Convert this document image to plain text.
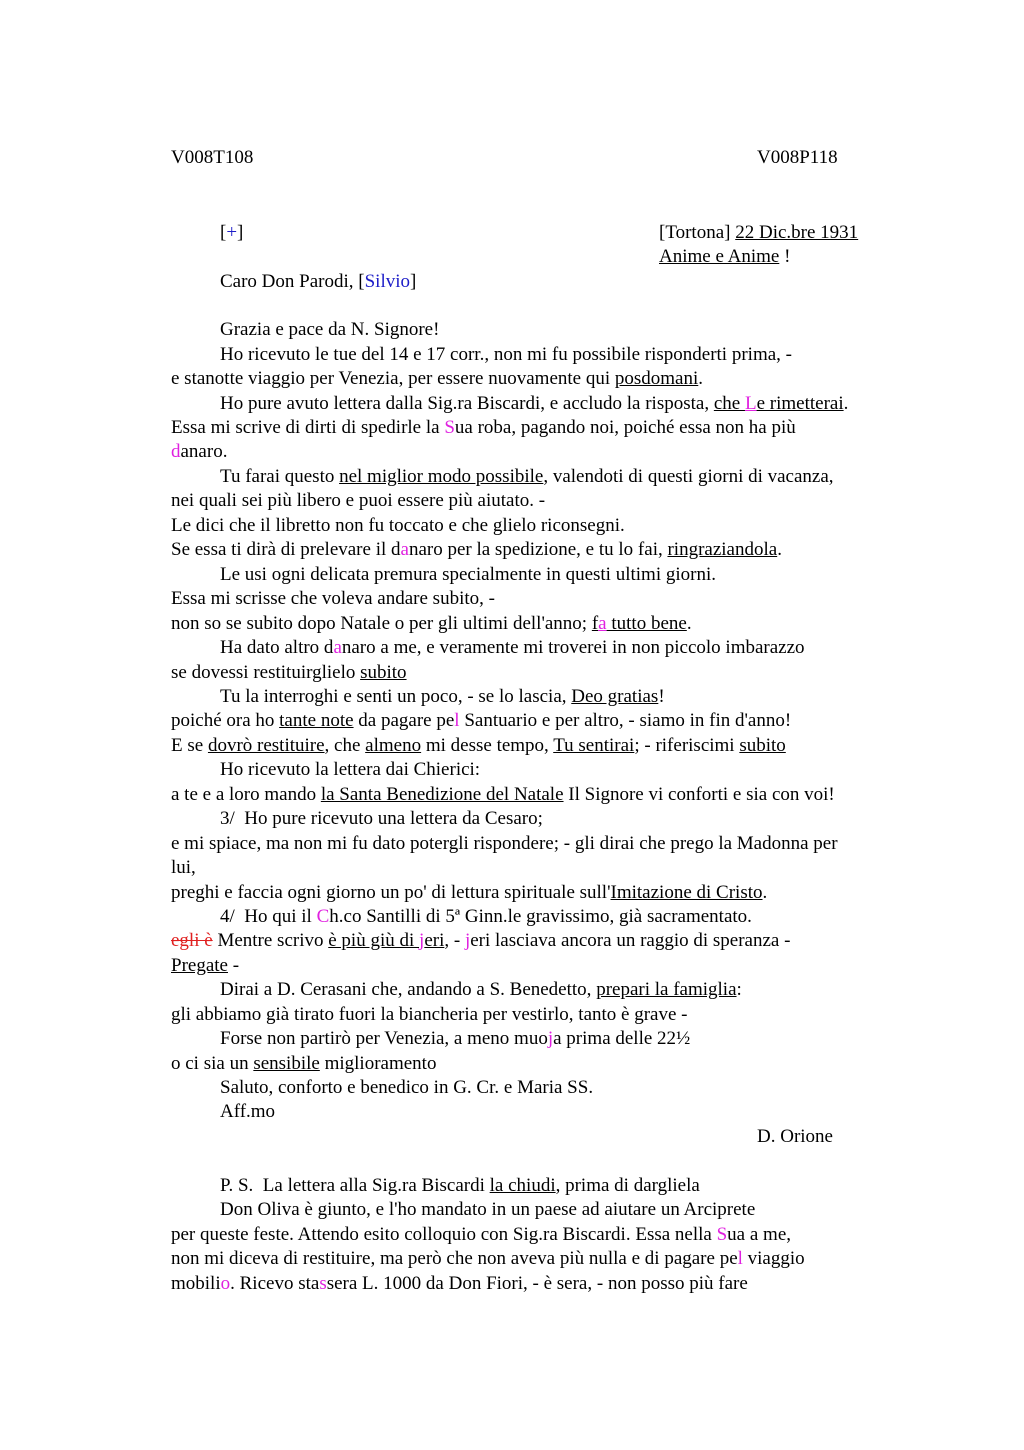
V008T108	V008P118
[+]	[Tortona] 22 Dic.bre 1931
Anime e Anime !
Caro Don Parodi, [Silvio]
Grazia e pace da N. Signore!
Ho ricevuto le tue del 14 e 17 corr., non mi fu possibile risponderti prima, -
e stanotte viaggio per Venezia, per essere nuovamente qui posdomani.
Ho pure avuto lettera dalla Sig.ra Biscardi, e accludo la risposta, che Le rimetterai.
Essa mi scrive di dirti di spedirle la Sua roba, pagando noi, poiché essa non ha più
danaro.
Tu farai questo nel miglior modo possibile, valendoti di questi giorni di vacanza,
nei quali sei più libero e puoi essere più aiutato. -
Le dici che il libretto non fu toccato e che glielo riconsegni.
Se essa ti dirà di prelevare il danaro per la spedizione, e tu lo fai, ringraziandola.
Le usi ogni delicata premura specialmente in questi ultimi giorni.
Essa mi scrisse che voleva andare subito, -
non so se subito dopo Natale o per gli ultimi dell'anno; fa tutto bene.
Ha dato altro danaro a me, e veramente mi troverei in non piccolo imbarazzo
se dovessi restituirglielo subito
Tu la interroghi e senti un poco, - se lo lascia, Deo gratias!
poiché ora ho tante note da pagare pel Santuario e per altro, - siamo in fin d'anno!
E se dovrò restituire, che almeno mi desse tempo, Tu sentirai; - riferiscimi subito
Ho ricevuto la lettera dai Chierici:
a te e a loro mando la Santa Benedizione del Natale Il Signore vi conforti e sia con voi!
3/  Ho pure ricevuto una lettera da Cesaro;
e mi spiace, ma non mi fu dato potergli rispondere; - gli dirai che prego la Madonna per
lui,
preghi e faccia ogni giorno un po' di lettura spirituale sull'Imitazione di Cristo.
4/  Ho qui il Ch.co Santilli di 5ª Ginn.le gravissimo, già sacramentato.
egli è Mentre scrivo è più giù di jeri, - jeri lasciava ancora un raggio di speranza -
Pregate -
Dirai a D. Cerasani che, andando a S. Benedetto, prepari la famiglia:
gli abbiamo già tirato fuori la biancheria per vestirlo, tanto è grave -
Forse non partirò per Venezia, a meno muoja prima delle 22½
o ci sia un sensibile miglioramento
Saluto, conforto e benedico in G. Cr. e Maria SS.
Aff.mo
D. Orione
P. S.  La lettera alla Sig.ra Biscardi la chiudi, prima di dargliela
Don Oliva è giunto, e l'ho mandato in un paese ad aiutare un Arciprete
per queste feste. Attendo esito colloquio con Sig.ra Biscardi. Essa nella Sua a me,
non mi diceva di restituire, ma però che non aveva più nulla e di pagare pel viaggio
mobilio. Ricevo stassera L. 1000 da Don Fiori, - è sera, - non posso più fare
